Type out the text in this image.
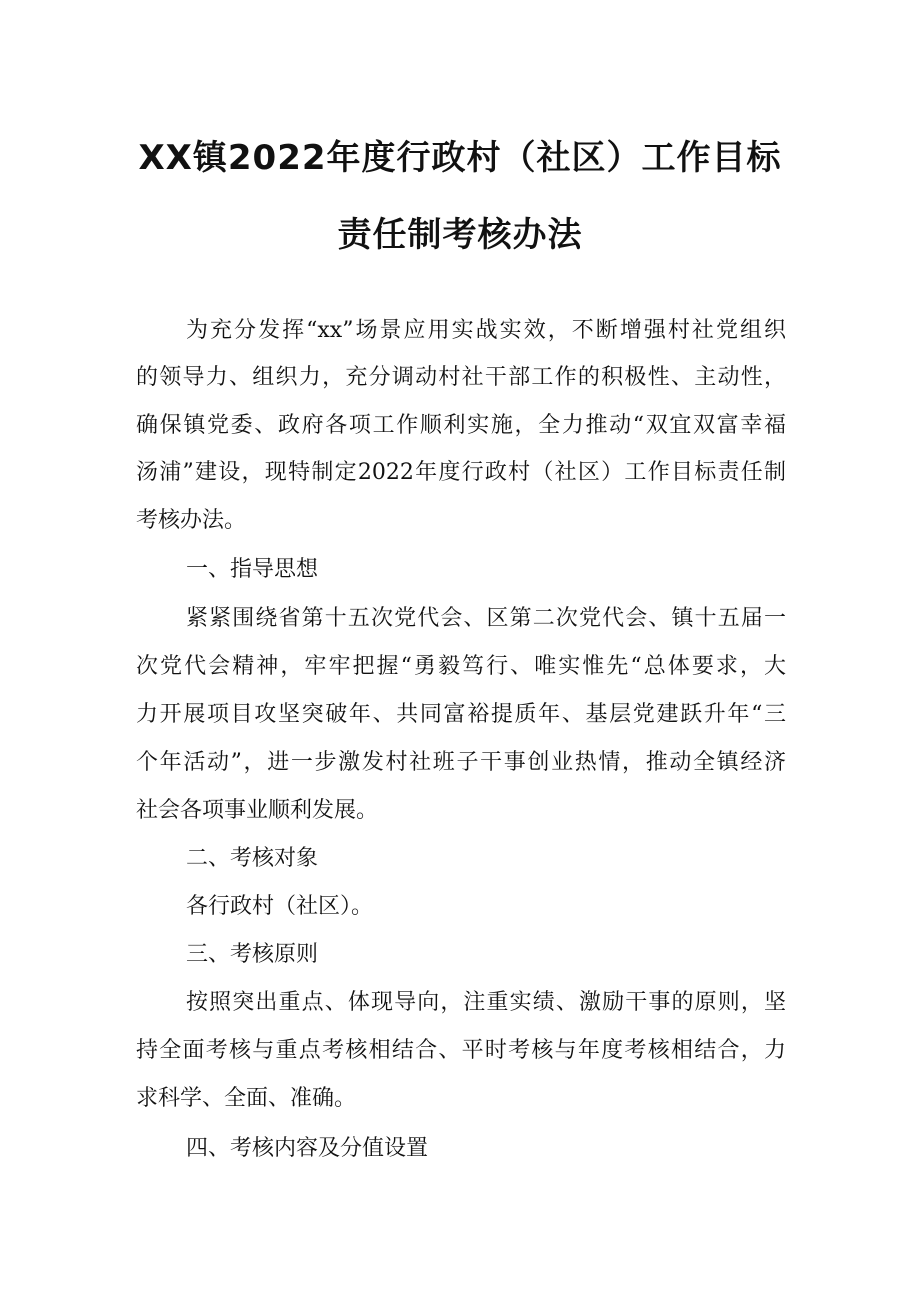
XX镇2022年度行政村（社区）工作目标
责任制考核办法
为充分发挥“xx”场景应用实战实效，不断增强村社党组织
的领导力、组织力，充分调动村社干部工作的积极性、主动性，
确保镇党委、政府各项工作顺利实施，全力推动“双宜双富幸福
汤浦”建设，现特制定2022年度行政村（社区）工作目标责任制
考核办法。
一、指导思想
紧紧围绕省第十五次党代会、区第二次党代会、镇十五届一
次党代会精神，牢牢把握“勇毅笃行、唯实惟先“总体要求，大
力开展项目攻坚突破年、共同富裕提质年、基层党建跃升年“三
个年活动”，进一步激发村社班子干事创业热情，推动全镇经济
社会各项事业顺利发展。
二、考核对象
各行政村（社区）。
三、考核原则
按照突出重点、体现导向，注重实绩、激励干事的原则，坚
持全面考核与重点考核相结合、平时考核与年度考核相结合，力
求科学、全面、准确。
四、考核内容及分值设置
